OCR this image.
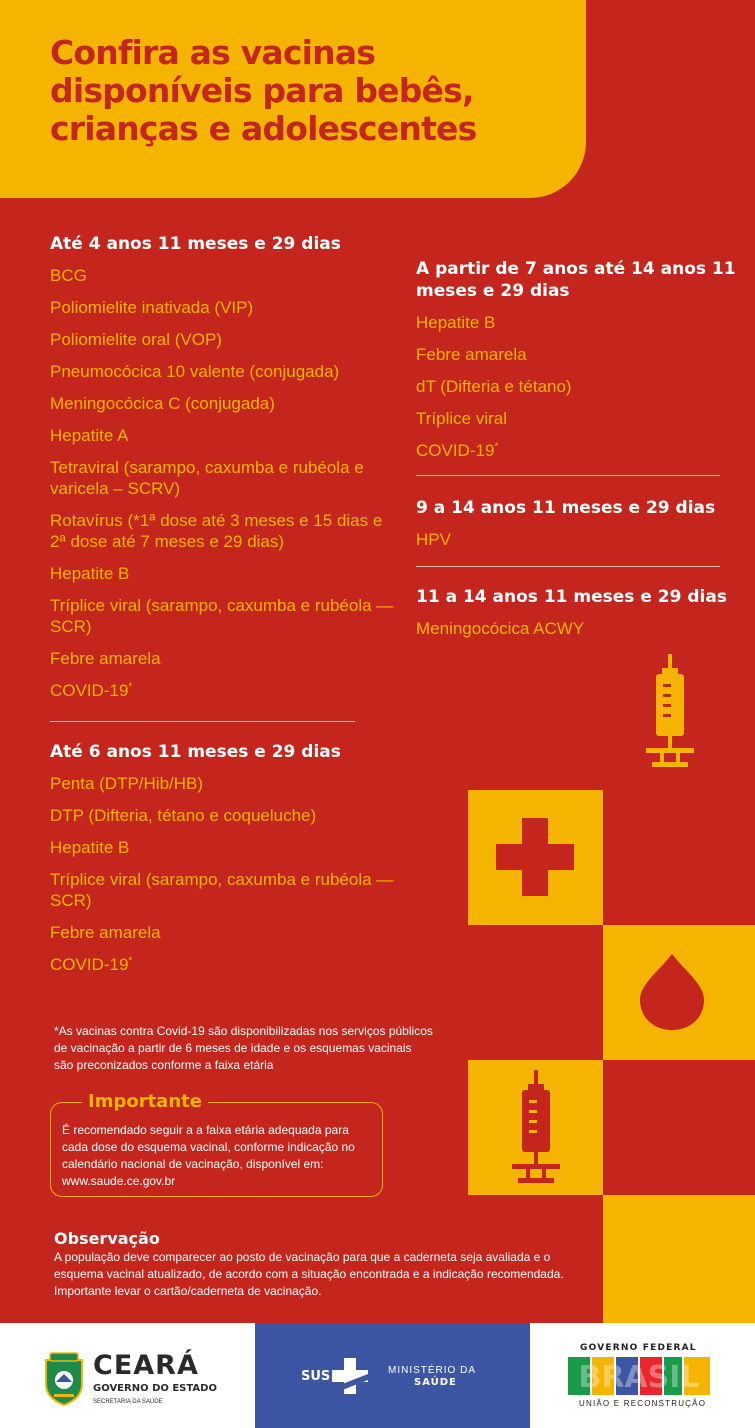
Confira as vacinas
disponíveis para bebês,
crianças e adolescentes

Até 4 anos 11 meses e 29 dias

BCG

Poliomielite inativada (VIP)

Poliomielite oral (VOP)

Pneumocócica 10 valente (conjugada)

Meningocócica C (conjugada)

Hepatite A

Tetraviral (sarampo, caxumba e rubéola e varicela – SCRV)

Rotavírus (*1ª dose até 3 meses e 15 dias e 2ª dose até 7 meses e 29 dias)

Hepatite B

Tríplice viral (sarampo, caxumba e rubéola — SCR)

Febre amarela

COVID-19*

Até 6 anos 11 meses e 29 dias

Penta (DTP/Hib/HB)

DTP (Difteria, tétano e coqueluche)

Hepatite B

Tríplice viral (sarampo, caxumba e rubéola — SCR)

Febre amarela

COVID-19*

A partir de 7 anos até 14 anos 11 meses e 29 dias

Hepatite B

Febre amarela

dT (Difteria e tétano)

Tríplice viral

COVID-19*

9 a 14 anos 11 meses e 29 dias

HPV

11 a 14 anos 11 meses e 29 dias

Meningocócica ACWY

*As vacinas contra Covid-19 são disponibilizadas nos serviços públicos de vacinação a partir de 6 meses de idade e os esquemas vacinais são preconizados conforme a faixa etária

Importante

É recomendado seguir a a faixa etária adequada para cada dose do esquema vacinal, conforme indicação no calendário nacional de vacinação, disponível em: www.saude.ce.gov.br

Observação

A população deve comparecer ao posto de vacinação para que a caderneta seja avaliada e o esquema vacinal atualizado, de acordo com a situação encontrada e a indicação recomendada. Importante levar o cartão/caderneta de vacinação.

CEARÁ
GOVERNO DO ESTADO
SECRETARIA DA SAÚDE
SUS	MINISTÉRIO DA
SAÚDE
GOVERNO FEDERAL
BRASIL
UNIÃO E RECONSTRUÇÃO
